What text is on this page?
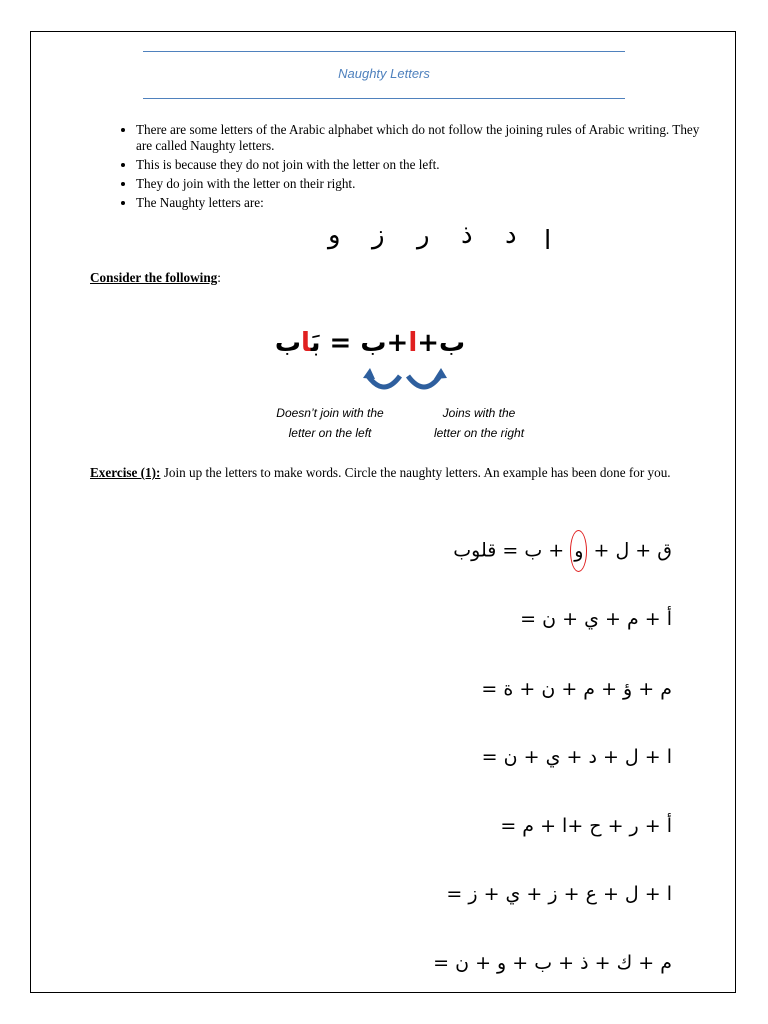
Naughty Letters
• There are some letters of the Arabic alphabet which do not follow the joining rules of Arabic writing. They are called Naughty letters.
• This is because they do not join with the letter on the left.
• They do join with the letter on their right.
• The Naughty letters are:
ا
د
ذ
ر
ز
و
Consider the following:
ب+ا+ب = بَاب
Doesn’t join with the
letter on the left
Joins with the
letter on the right
Exercise (1): Join up the letters to make words. Circle the naughty letters. An example has been done for you.
ق + ل + و + ب = قلوب
أ + م + ي + ن =
م + ؤ + م + ن + ة =
ا + ل + د + ي + ن =
أ + ر + ح +ا + م =
ا + ل + ع + ز + ي + ز =
م + ك + ذ + ب + و + ن =
